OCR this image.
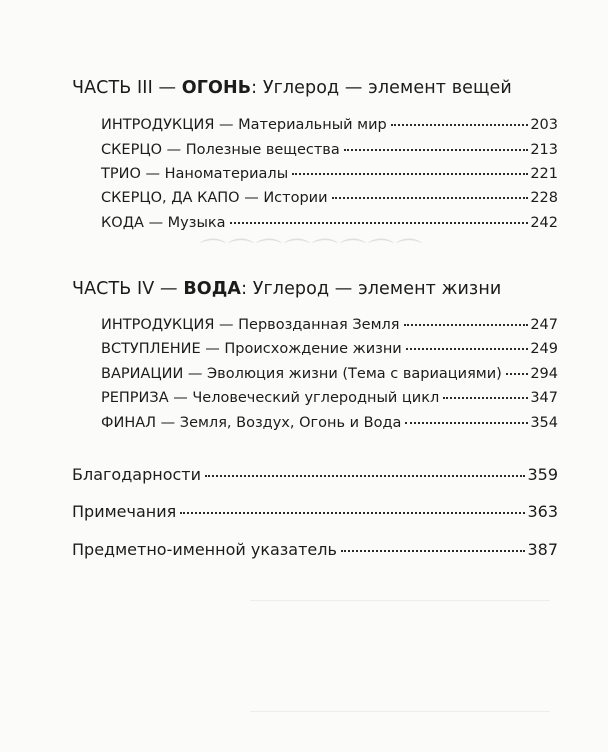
⌒⌒⌒⌒⌒⌒⌒⌒
ЧАСТЬ III — ОГОНЬ: Углерод — элемент вещей
ИНТРОДУКЦИЯ — Материальный мир	203
СКЕРЦО — Полезные вещества	213
ТРИО — Наноматериалы	221
СКЕРЦО, ДА КАПО — Истории	228
КОДА — Музыка	242
ЧАСТЬ IV — ВОДА: Углерод — элемент жизни
ИНТРОДУКЦИЯ — Первозданная Земля	247
ВСТУПЛЕНИЕ — Происхождение жизни	249
ВАРИАЦИИ — Эволюция жизни (Тема с вариациями) 294
РЕПРИЗА — Человеческий углеродный цикл	347
ФИНАЛ — Земля, Воздух, Огонь и Вода	354
Благодарности	359
Примечания	363
Предметно-именной указатель	387
